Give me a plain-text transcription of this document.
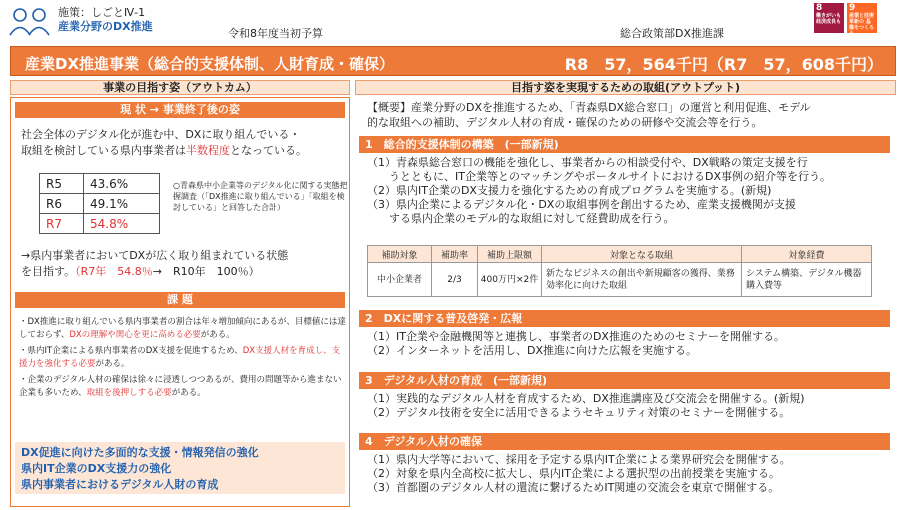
施策：しごとⅣ-1
産業分野のDX推進
令和8年度当初予算	総合政策部DX推進課
8
働きがいも 経済成長も
9
産業と技術革新の 基盤をつくろう
産業DX推進事業（総合的支援体制、人財育成・確保）	R8　57，564千円（R7　57，608千円）
事業の目指す姿（アウトカム）	目指す姿を実現するための取組(アウトプット)
現 状 → 事業終了後の姿
社会全体のデジタル化が進む中、DXに取り組んでいる・
取組を検討している県内事業者は半数程度となっている。
R5	43.6%
R6	49.1%
R7	54.8%
○青森県中小企業等のデジタル化に関する実態把握調査（「DX推進に取り組んでいる」「取組を検討している」と回答した合計）
→県内事業者においてDXが広く取り組まれている状態
を目指す。（R7年　54.8％→　R10年　100％）
課 題

・DX推進に取り組んでいる県内事業者の割合は年々増加傾向にあるが、目標値には達しておらず、DXの理解や関心を更に高める必要がある。

・県内IT企業による県内事業者のDX支援を促進するため、DX支援人材を育成し、支援力を強化する必要がある。

・企業のデジタル人材の確保は徐々に浸透しつつあるが、費用の問題等から進まない企業も多いため、取組を後押しする必要がある。

DX促進に向けた多面的な支援・情報発信の強化
県内IT企業のDX支援力の強化
県内事業者におけるデジタル人財の育成
【概要】産業分野のDXを推進するため、「青森県DX総合窓口」の運営と利用促進、モデル
的な取組への補助、デジタル人材の育成・確保のための研修や交流会等を行う。
1　総合的支援体制の構築　(一部新規)
（1）青森県総合窓口の機能を強化し、事業者からの相談受付や、DX戦略の策定支援を行
　　うとともに、IT企業等とのマッチングやポータルサイトにおけるDX事例の紹介等を行う。
（2）県内IT企業のDX支援力を強化するための育成プログラムを実施する。(新規)
（3）県内企業によるデジタル化・DXの取組事例を創出するため、産業支援機関が支援
　　する県内企業のモデル的な取組に対して経費助成を行う。
補助対象	補助率	補助上限額	対象となる取組	対象経費
中小企業者	2/3	400万円×2件	新たなビジネスの創出や新規顧客の獲得、業務効率化に向けた取組	システム構築、デジタル機器購入費等
2　DXに関する普及啓発・広報
（1）IT企業や金融機関等と連携し、事業者のDX推進のためのセミナーを開催する。
（2）インターネットを活用し、DX推進に向けた広報を実施する。
3　デジタル人材の育成　(一部新規)
（1）実践的なデジタル人材を育成するため、DX推進講座及び交流会を開催する。(新規)
（2）デジタル技術を安全に活用できるようセキュリティ対策のセミナーを開催する。
4　デジタル人材の確保
（1）県内大学等において、採用を予定する県内IT企業による業界研究会を開催する。
（2）対象を県内全高校に拡大し、県内IT企業による選択型の出前授業を実施する。
（3）首都圏のデジタル人材の還流に繋げるためIT関連の交流会を東京で開催する。
